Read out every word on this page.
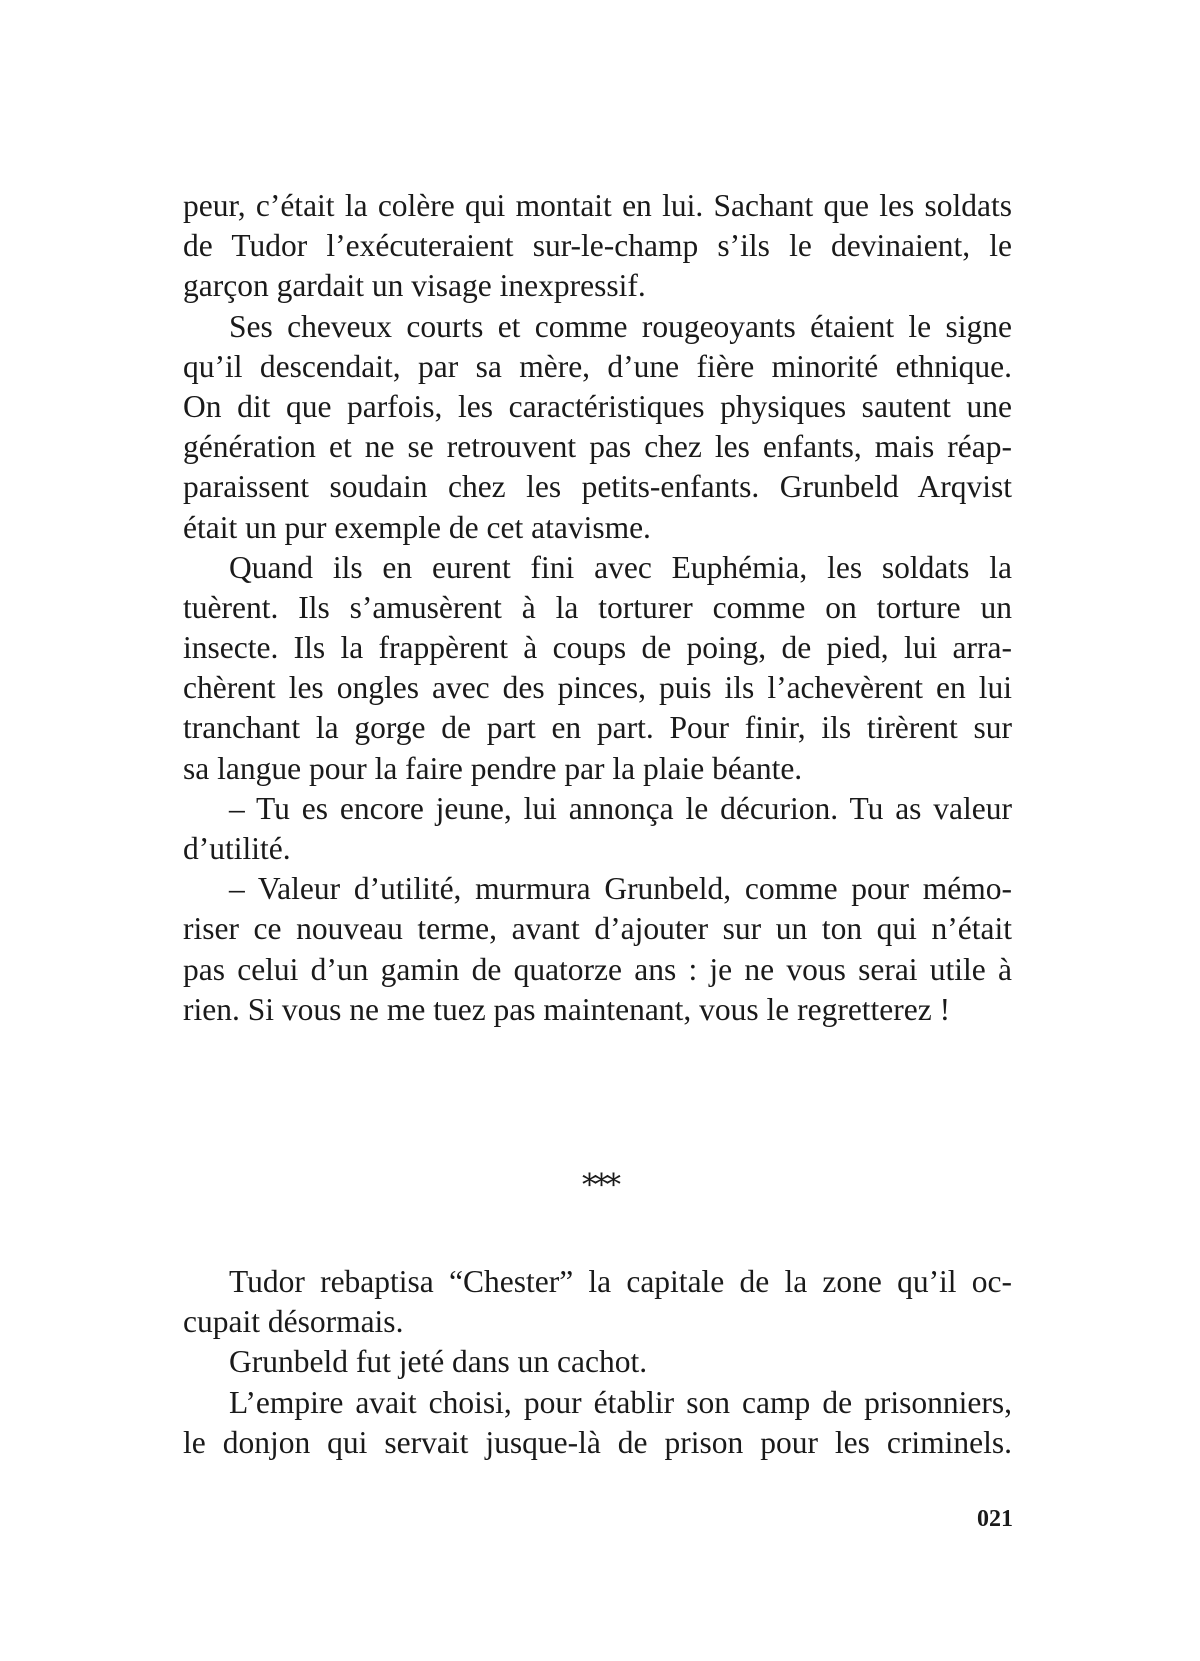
peur, c’était la colère qui montait en lui. Sachant que les soldats
de Tudor l’exécuteraient sur-le-champ s’ils le devinaient, le
garçon gardait un visage inexpressif.
Ses cheveux courts et comme rougeoyants étaient le signe
qu’il descendait, par sa mère, d’une fière minorité ethnique.
On dit que parfois, les caractéristiques physiques sautent une
génération et ne se retrouvent pas chez les enfants, mais réap-
paraissent soudain chez les petits-enfants. Grunbeld Arqvist
était un pur exemple de cet atavisme.
Quand ils en eurent fini avec Euphémia, les soldats la
tuèrent. Ils s’amusèrent à la torturer comme on torture un
insecte. Ils la frappèrent à coups de poing, de pied, lui arra-
chèrent les ongles avec des pinces, puis ils l’achevèrent en lui
tranchant la gorge de part en part. Pour finir, ils tirèrent sur
sa langue pour la faire pendre par la plaie béante.
– Tu es encore jeune, lui annonça le décurion. Tu as valeur
d’utilité.
– Valeur d’utilité, murmura Grunbeld, comme pour mémo-
riser ce nouveau terme, avant d’ajouter sur un ton qui n’était
pas celui d’un gamin de quatorze ans : je ne vous serai utile à
rien. Si vous ne me tuez pas maintenant, vous le regretterez !
***
Tudor rebaptisa “Chester” la capitale de la zone qu’il oc-
cupait désormais.
Grunbeld fut jeté dans un cachot.
L’empire avait choisi, pour établir son camp de prisonniers,
le donjon qui servait jusque-là de prison pour les criminels.
021
